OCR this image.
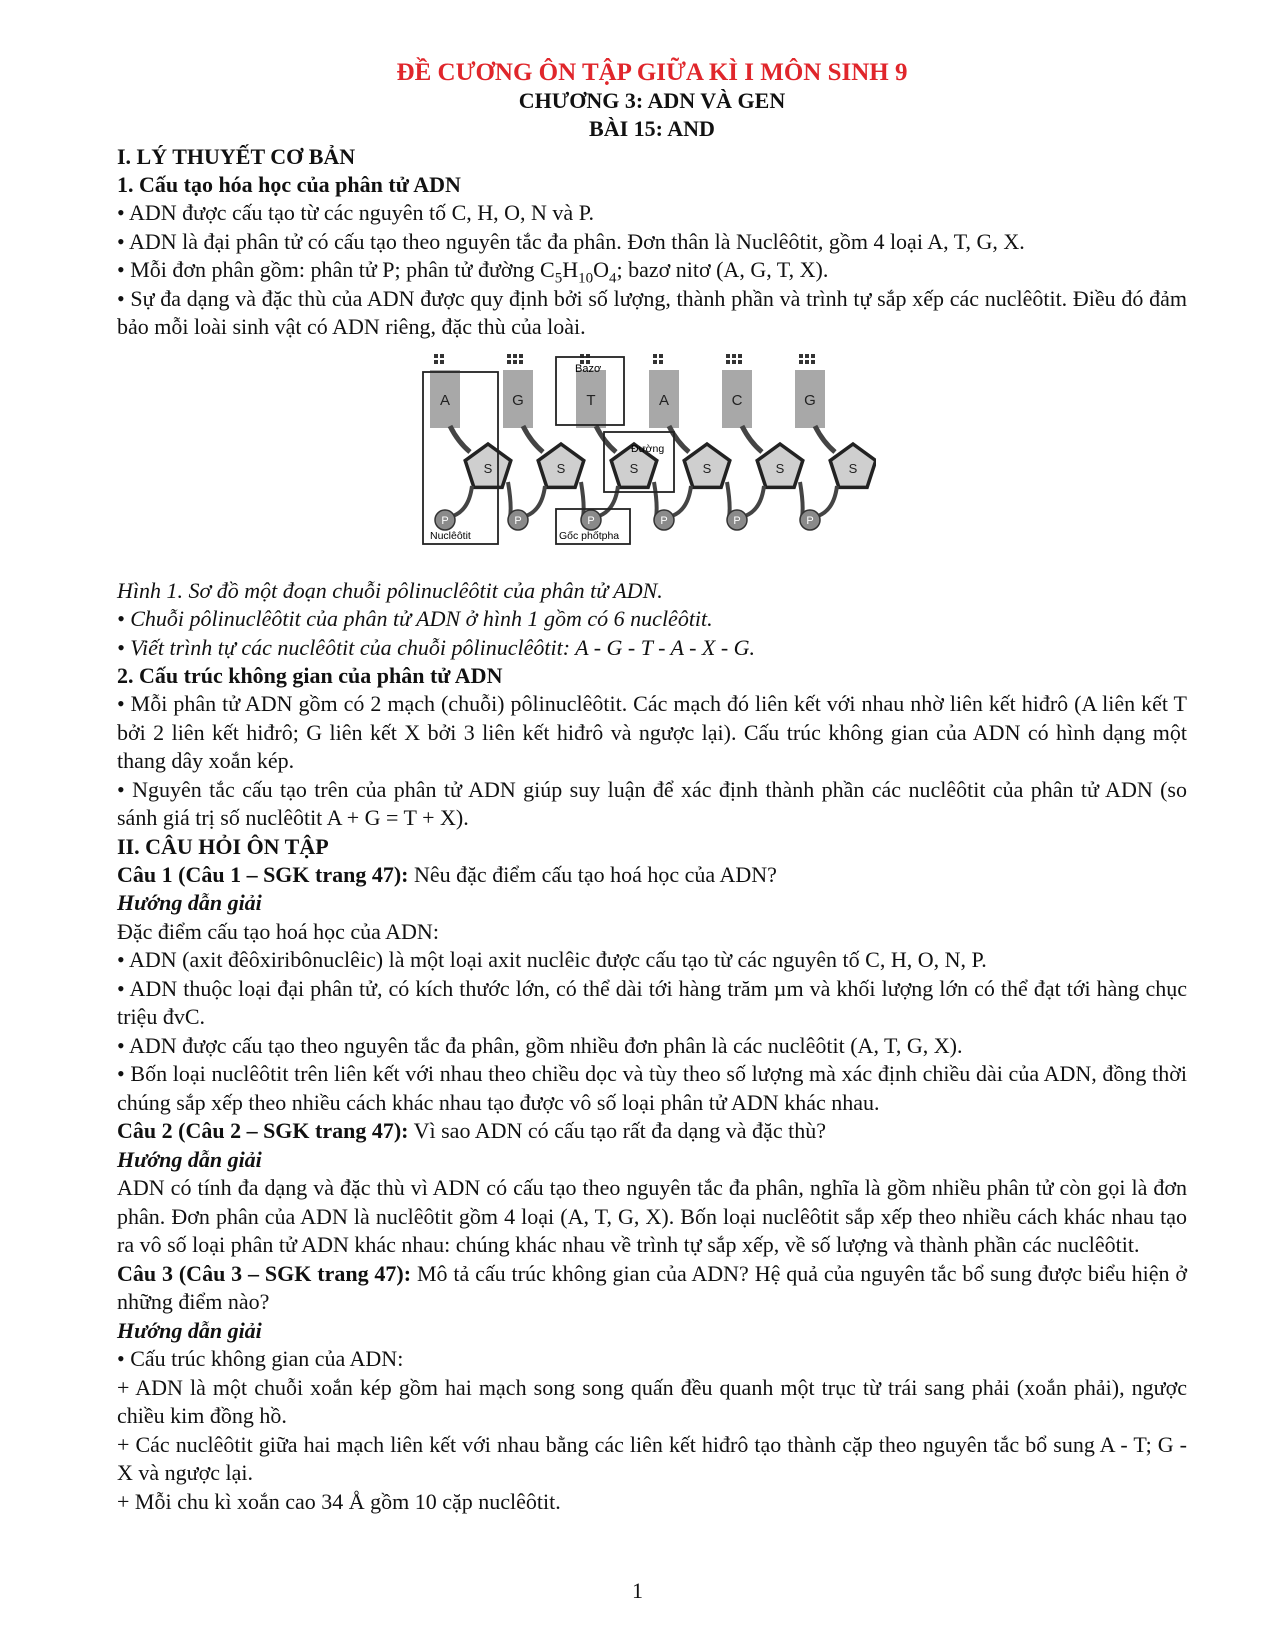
ĐỀ CƯƠNG ÔN TẬP GIỮA KÌ I MÔN SINH 9
CHƯƠNG 3: ADN VÀ GEN
BÀI 15: AND
I. LÝ THUYẾT CƠ BẢN
1. Cấu tạo hóa học của phân tử ADN

• ADN được cấu tạo từ các nguyên tố C, H, O, N và P.

• ADN là đại phân tử có cấu tạo theo nguyên tắc đa phân. Đơn thân là Nuclêôtit, gồm 4 loại A, T, G, X.

• Mỗi đơn phân gồm: phân tử P; phân tử đường $C_5H_{10}O_4$; bazơ nitơ (A, G, T, X).

• Sự đa dạng và đặc thù của ADN được quy định bởi số lượng, thành phần và trình tự sắp xếp các nuclêôtit. Điều đó đảm bảo mỗi loài sinh vật có ADN riêng, đặc thù của loài.

A
S
P
G
S
P
T
S
P
A
S
P
C
S
P
G
S
P
Bazơ
Đường
Nuclêôtit	Gốc phốtpha

Hình 1. Sơ đồ một đoạn chuỗi pôlinuclêôtit của phân tử ADN.

• Chuỗi pôlinuclêôtit của phân tử ADN ở hình 1 gồm có 6 nuclêôtit.

• Viết trình tự các nuclêôtit của chuỗi pôlinuclêôtit: A - G - T - A - X - G.

2. Cấu trúc không gian của phân tử ADN

• Mỗi phân tử ADN gồm có 2 mạch (chuỗi) pôlinuclêôtit. Các mạch đó liên kết với nhau nhờ liên kết hiđrô (A liên kết T bởi 2 liên kết hiđrô; G liên kết X bởi 3 liên kết hiđrô và ngược lại). Cấu trúc không gian của ADN có hình dạng một thang dây xoắn kép.

• Nguyên tắc cấu tạo trên của phân tử ADN giúp suy luận để xác định thành phần các nuclêôtit của phân tử ADN (so sánh giá trị số nuclêôtit A + G = T + X).

II. CÂU HỎI ÔN TẬP

Câu 1 (Câu 1 – SGK trang 47): Nêu đặc điểm cấu tạo hoá học của ADN?

Hướng dẫn giải

Đặc điểm cấu tạo hoá học của ADN:

• ADN (axit đêôxiribônuclêic) là một loại axit nuclêic được cấu tạo từ các nguyên tố C, H, O, N, P.

• ADN thuộc loại đại phân tử, có kích thước lớn, có thể dài tới hàng trăm µm và khối lượng lớn có thể đạt tới hàng chục triệu đvC.

• ADN được cấu tạo theo nguyên tắc đa phân, gồm nhiều đơn phân là các nuclêôtit (A, T, G, X).

• Bốn loại nuclêôtit trên liên kết với nhau theo chiều dọc và tùy theo số lượng mà xác định chiều dài của ADN, đồng thời chúng sắp xếp theo nhiều cách khác nhau tạo được vô số loại phân tử ADN khác nhau.

Câu 2 (Câu 2 – SGK trang 47): Vì sao ADN có cấu tạo rất đa dạng và đặc thù?

Hướng dẫn giải

ADN có tính đa dạng và đặc thù vì ADN có cấu tạo theo nguyên tắc đa phân, nghĩa là gồm nhiều phân tử còn gọi là đơn phân. Đơn phân của ADN là nuclêôtit gồm 4 loại (A, T, G, X). Bốn loại nuclêôtit sắp xếp theo nhiều cách khác nhau tạo ra vô số loại phân tử ADN khác nhau: chúng khác nhau về trình tự sắp xếp, về số lượng và thành phần các nuclêôtit.

Câu 3 (Câu 3 – SGK trang 47): Mô tả cấu trúc không gian của ADN? Hệ quả của nguyên tắc bổ sung được biểu hiện ở những điểm nào?

Hướng dẫn giải

• Cấu trúc không gian của ADN:

+ ADN là một chuỗi xoắn kép gồm hai mạch song song quấn đều quanh một trục từ trái sang phải (xoắn phải), ngược chiều kim đồng hồ.

+ Các nuclêôtit giữa hai mạch liên kết với nhau bằng các liên kết hiđrô tạo thành cặp theo nguyên tắc bổ sung A - T; G - X và ngược lại.

+ Mỗi chu kì xoắn cao 34 Å gồm 10 cặp nuclêôtit.

1
